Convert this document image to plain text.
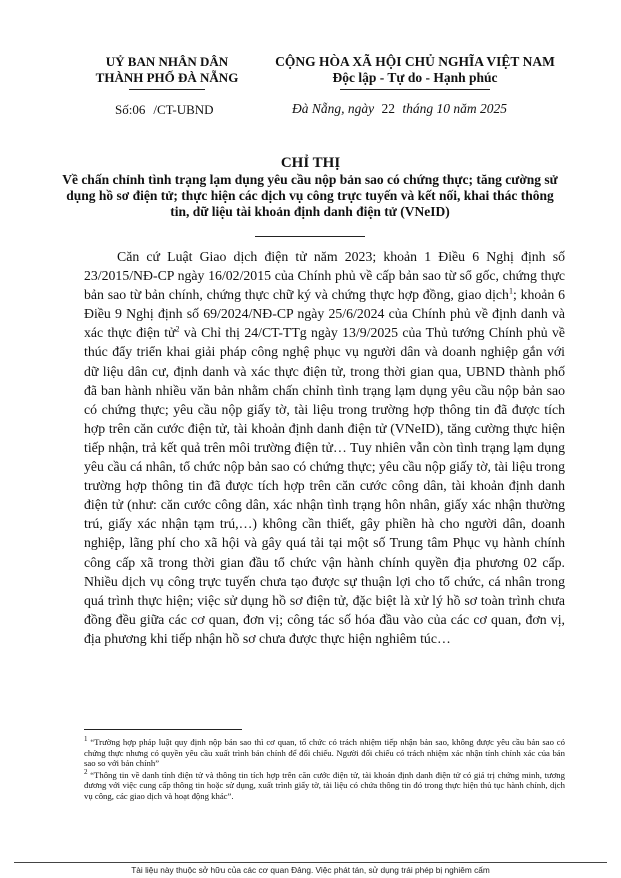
UỶ BAN NHÂN DÂN
THÀNH PHỐ ĐÀ NẴNG
CỘNG HÒA XÃ HỘI CHỦ NGHĨA VIỆT NAM
Độc lập - Tự do - Hạnh phúc
Số:06 /CT-UBND	Đà Nẵng, ngày 22 tháng 10 năm 2025
CHỈ THỊ
Về chấn chỉnh tình trạng lạm dụng yêu cầu nộp bản sao có chứng thực; tăng cường sử dụng hồ sơ điện tử; thực hiện các dịch vụ công trực tuyến và kết nối, khai thác thông tin, dữ liệu tài khoản định danh điện tử (VNeID)

Căn cứ Luật Giao dịch điện tử năm 2023; khoản 1 Điều 6 Nghị định số 23/2015/NĐ-CP ngày 16/02/2015 của Chính phủ về cấp bản sao từ sổ gốc, chứng thực bản sao từ bản chính, chứng thực chữ ký và chứng thực hợp đồng, giao dịch$^1$; khoản 6 Điều 9 Nghị định số 69/2024/NĐ-CP ngày 25/6/2024 của Chính phủ về định danh và xác thực điện tử$^2$ và Chỉ thị 24/CT-TTg ngày 13/9/2025 của Thủ tướng Chính phủ về thúc đẩy triển khai giải pháp công nghệ phục vụ người dân và doanh nghiệp gắn với dữ liệu dân cư, định danh và xác thực điện tử, trong thời gian qua, UBND thành phố đã ban hành nhiều văn bản nhằm chấn chỉnh tình trạng lạm dụng yêu cầu nộp bản sao có chứng thực; yêu cầu nộp giấy tờ, tài liệu trong trường hợp thông tin đã được tích hợp trên căn cước điện tử, tài khoản định danh điện tử (VNeID), tăng cường thực hiện tiếp nhận, trả kết quả trên môi trường điện tử… Tuy nhiên vẫn còn tình trạng lạm dụng yêu cầu cá nhân, tổ chức nộp bản sao có chứng thực; yêu cầu nộp giấy tờ, tài liệu trong trường hợp thông tin đã được tích hợp trên căn cước công dân, tài khoản định danh điện tử (như: căn cước công dân, xác nhận tình trạng hôn nhân, giấy xác nhận thường trú, giấy xác nhận tạm trú,…) không cần thiết, gây phiền hà cho người dân, doanh nghiệp, lãng phí cho xã hội và gây quá tải tại một số Trung tâm Phục vụ hành chính công cấp xã trong thời gian đầu tổ chức vận hành chính quyền địa phương 02 cấp. Nhiều dịch vụ công trực tuyến chưa tạo được sự thuận lợi cho tổ chức, cá nhân trong quá trình thực hiện; việc sử dụng hồ sơ điện tử, đặc biệt là xử lý hồ sơ toàn trình chưa đồng đều giữa các cơ quan, đơn vị; công tác số hóa đầu vào của các cơ quan, đơn vị, địa phương khi tiếp nhận hồ sơ chưa được thực hiện nghiêm túc…

$^1$ “Trường hợp pháp luật quy định nộp bản sao thì cơ quan, tổ chức có trách nhiệm tiếp nhận bản sao, không được yêu cầu bản sao có chứng thực nhưng có quyền yêu cầu xuất trình bản chính để đối chiếu. Người đối chiếu có trách nhiệm xác nhận tính chính xác của bản sao so với bản chính”

$^2$ “Thông tin về danh tính điện tử và thông tin tích hợp trên căn cước điện tử, tài khoản định danh điện tử có giá trị chứng minh, tương đương với việc cung cấp thông tin hoặc sử dụng, xuất trình giấy tờ, tài liệu có chứa thông tin đó trong thực hiện thủ tục hành chính, dịch vụ công, các giao dịch và hoạt động khác”.

Tài liệu này thuộc sở hữu của các cơ quan Đảng. Việc phát tán, sử dụng trái phép bị nghiêm cấm
